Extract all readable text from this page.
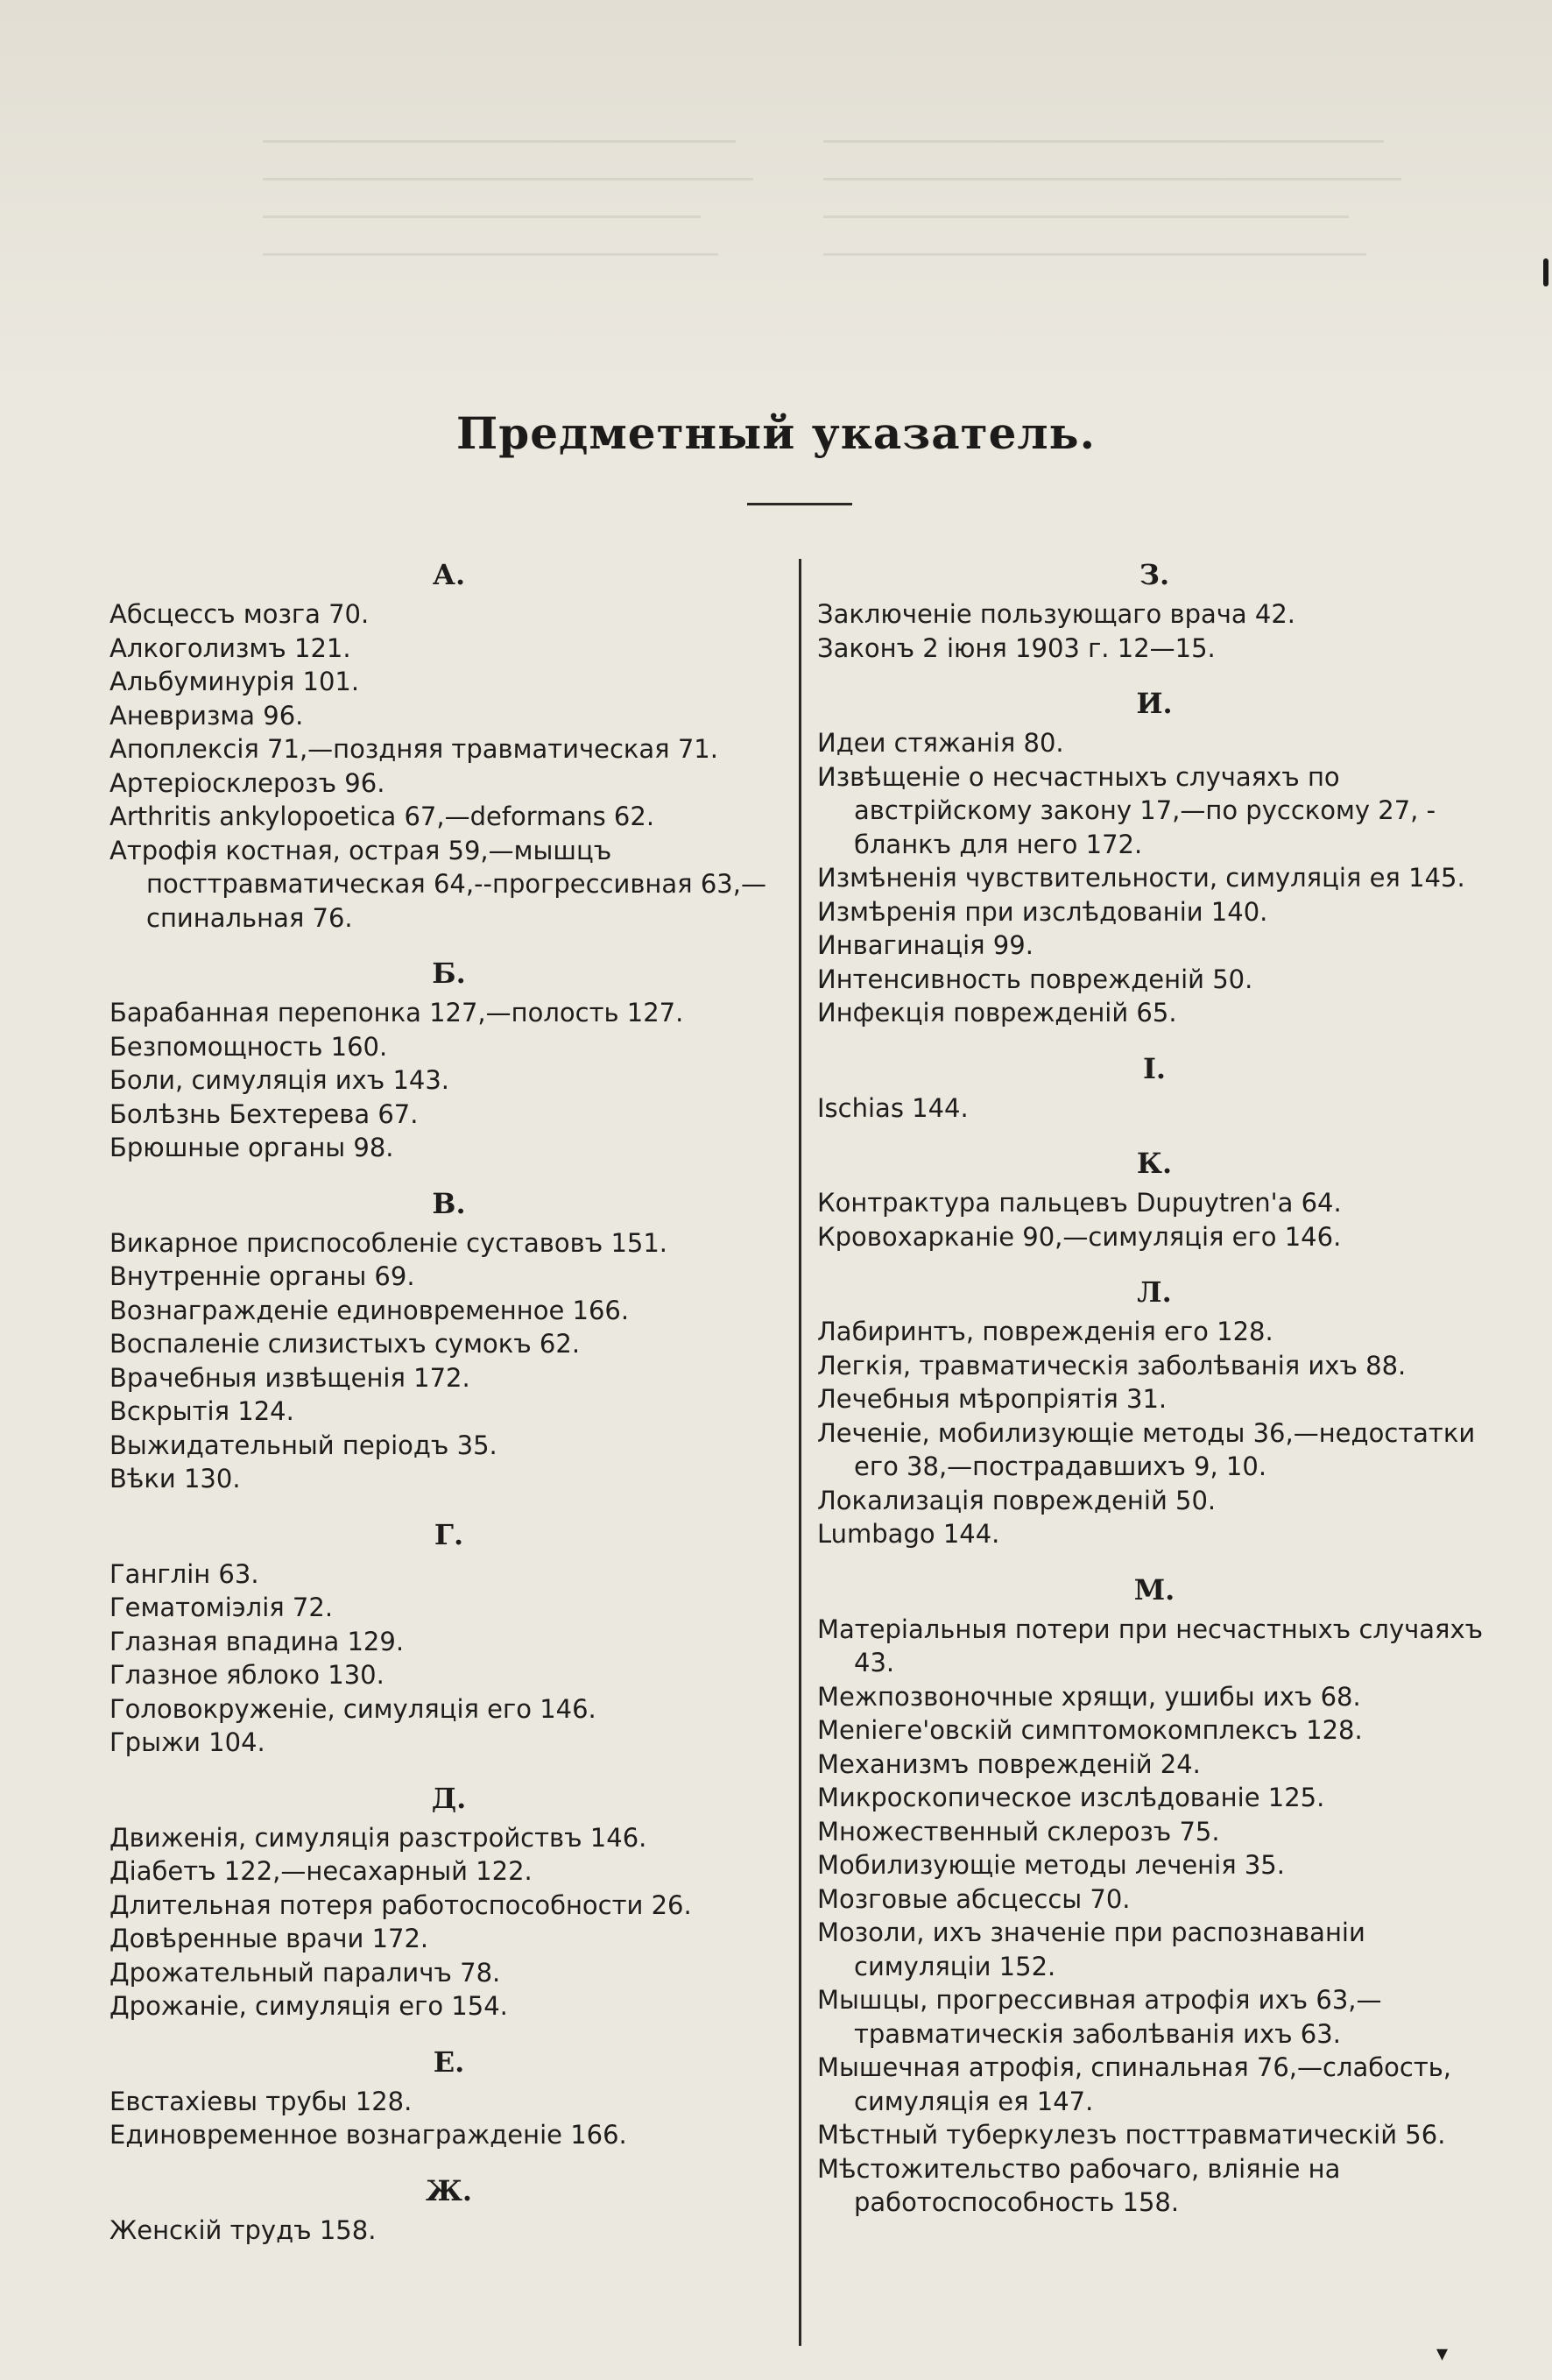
Предметный указатель.
А.

Абсцессъ мозга 70.

Алкоголизмъ 121.

Альбуминурія 101.

Аневризма 96.

Апоплексія 71,—поздняя травматическая 71.

Артеріосклерозъ 96.

Arthritis ankylopoetica 67,—deformans 62.

Атрофія костная, острая 59,—мышцъ посттравматическая 64,--прогрессивная 63,— спинальная 76.

Б.

Барабанная перепонка 127,—полость 127.

Безпомощность 160.

Боли, симуляція ихъ 143.

Болѣзнь Бехтерева 67.

Брюшные органы 98.

В.

Викарное приспособленіе суставовъ 151.

Внутренніе органы 69.

Вознагражденіе единовременное 166.

Воспаленіе слизистыхъ сумокъ 62.

Врачебныя извѣщенія 172.

Вскрытія 124.

Выжидательный періодъ 35.

Вѣки 130.

Г.

Ганглін 63.

Гематоміэлія 72.

Глазная впадина 129.

Глазное яблоко 130.

Головокруженіе, симуляція его 146.

Грыжи 104.

Д.

Движенія, симуляція разстройствъ 146.

Діабетъ 122,—несахарный 122.

Длительная потеря работоспособности 26.

Довѣренные врачи 172.

Дрожательный параличъ 78.

Дрожаніе, симуляція его 154.

Е.

Евстахіевы трубы 128.

Единовременное вознагражденіе 166.

Ж.

Женскій трудъ 158.

З.

Заключеніе пользующаго врача 42.

Законъ 2 іюня 1903 г. 12—15.

И.

Идеи стяжанія 80.

Извѣщеніе о несчастныхъ случаяхъ по австрійскому закону 17,—по русскому 27, - бланкъ для него 172.

Измѣненія чувствительности, симуляція ея 145.

Измѣренія при изслѣдованіи 140.

Инвагинація 99.

Интенсивность поврежденій 50.

Инфекція поврежденій 65.

I.

Ischias 144.

К.

Контрактура пальцевъ Dupuytren'a 64.

Кровохарканіе 90,—симуляція его 146.

Л.

Лабиринтъ, поврежденія его 128.

Легкія, травматическія заболѣванія ихъ 88.

Лечебныя мѣропріятія 31.

Леченіе, мобилизующіе методы 36,—недостатки его 38,—пострадавшихъ 9, 10.

Локализація поврежденій 50.

Lumbago 144.

М.

Матеріальныя потери при несчастныхъ случаяхъ 43.

Межпозвоночные хрящи, ушибы ихъ 68.

Меnіеге'овскій симптомокомплексъ 128.

Механизмъ поврежденій 24.

Микроскопическое изслѣдованіе 125.

Множественный склерозъ 75.

Мобилизующіе методы леченія 35.

Мозговые абсцессы 70.

Мозоли, ихъ значеніе при распознаваніи симуляціи 152.

Мышцы, прогрессивная атрофія ихъ 63,— травматическія заболѣванія ихъ 63.

Мышечная атрофія, спинальная 76,—слабость, симуляція ея 147.

Мѣстный туберкулезъ посттравматическій 56.

Мѣстожительство рабочаго, вліяніе на работоспособность 158.

▾
